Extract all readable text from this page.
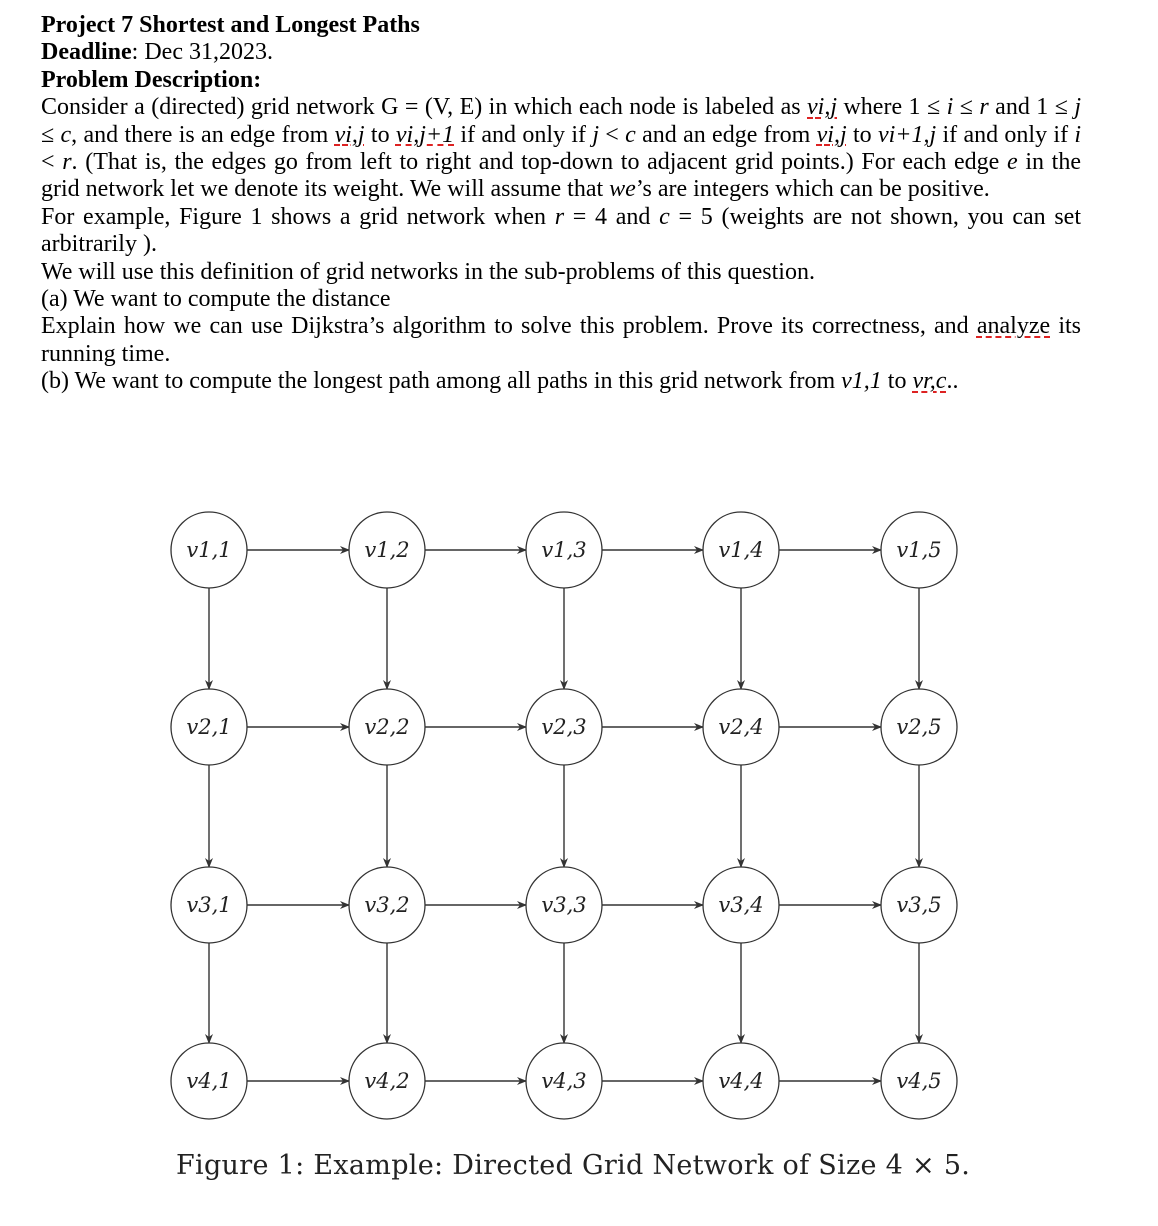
Project 7 Shortest and Longest Paths

Deadline: Dec 31,2023.

Problem Description:

Consider a (directed) grid network G = (V, E) in which each node is labeled as vi,j where 1 ≤ i ≤ r and 1 ≤ j ≤ c, and there is an edge from vi,j to vi,j+1 if and only if j < c and an edge from vi,j to vi+1,j if and only if i < r. (That is, the edges go from left to right and top-down to adjacent grid points.) For each edge e in the grid network let we denote its weight. We will assume that we’s are integers which can be positive.

For example, Figure 1 shows a grid network when r = 4 and c = 5 (weights are not shown, you can set arbitrarily ).

We will use this definition of grid networks in the sub-problems of this question.

(a) We want to compute the distance

Explain how we can use Dijkstra’s algorithm to solve this problem. Prove its correctness, and analyze its running time.

(b) We want to compute the longest path among all paths in this grid network from v1,1 to vr,c..

v1,1	v1,2	v1,3	v1,4	v1,5
v2,1	v2,2	v2,3	v2,4	v2,5
v3,1	v3,2	v3,3	v3,4	v3,5
v4,1	v4,2	v4,3	v4,4	v4,5
Figure 1: Example: Directed Grid Network of Size 4 × 5.
